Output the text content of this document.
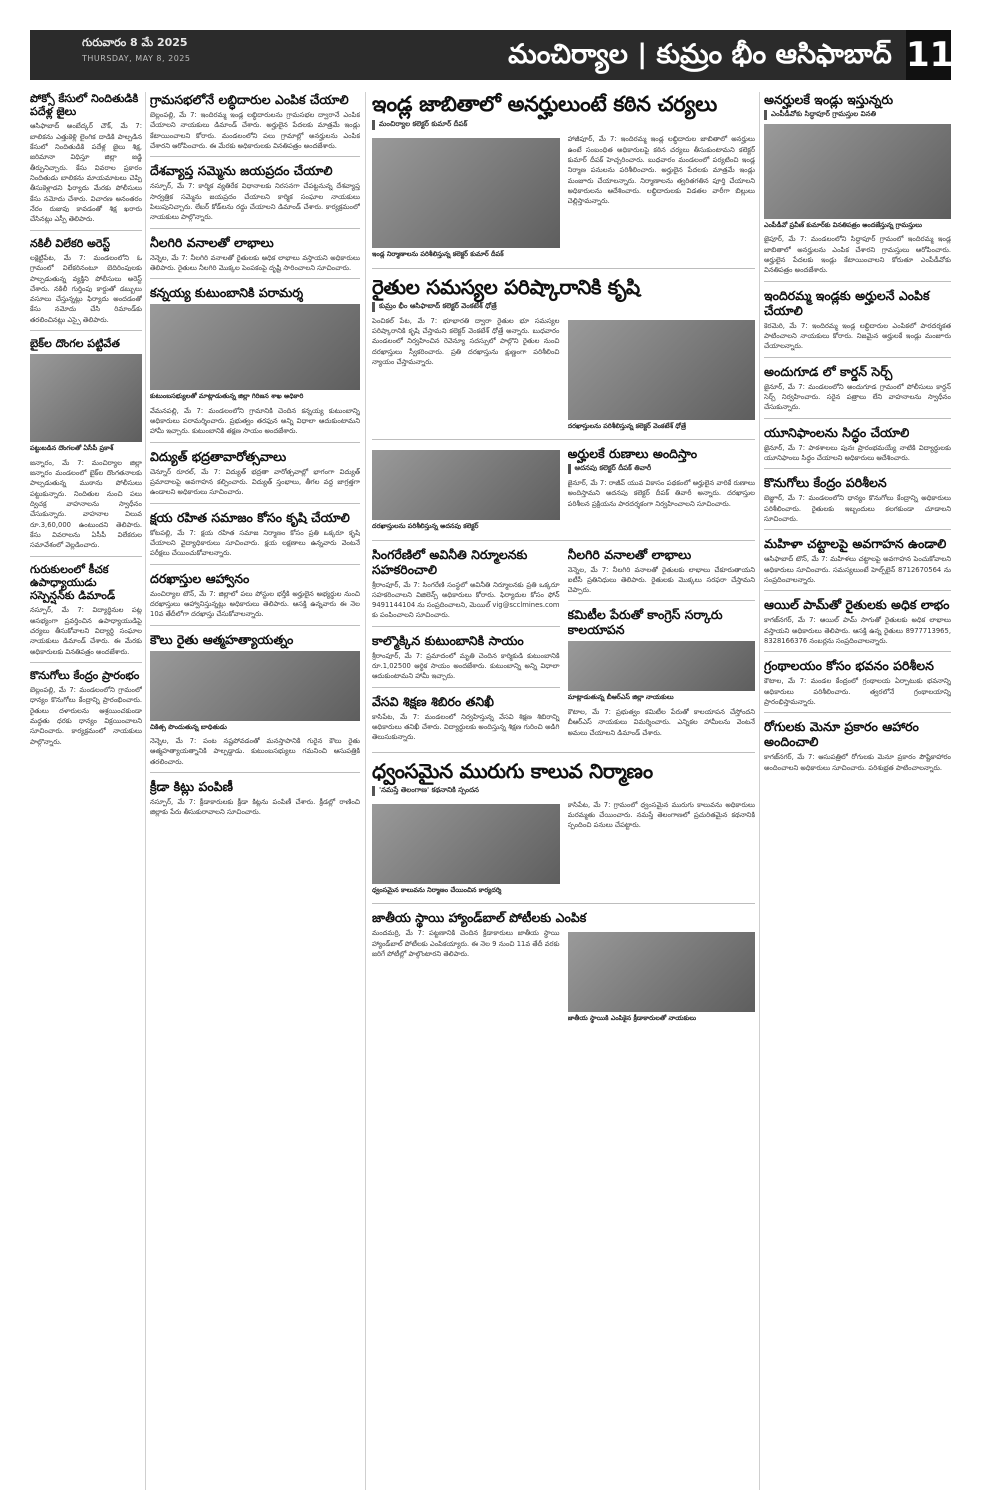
గురువారం 8 మే 2025
THURSDAY, MAY 8, 2025	మంచిర్యాల | కుమ్రం భీం ఆసిఫాబాద్ 11
పోక్సో కేసులో నిందితుడికి పదేళ్ల జైలు

ఆసిఫాబాద్ అంబేద్కర్ చౌక్, మే 7: బాలికను ఎత్తుకెళ్లి లైంగిక దాడికి పాల్పడిన కేసులో నిందితుడికి పదేళ్ల జైలు శిక్ష, జరిమానా విధిస్తూ జిల్లా జడ్జి తీర్పునిచ్చారు. కేసు వివరాల ప్రకారం నిందితుడు బాలికను మాయమాటలు చెప్పి తీసుకెళ్లాడని ఫిర్యాదు మేరకు పోలీసులు కేసు నమోదు చేశారు. విచారణ అనంతరం నేరం రుజువు కావడంతో శిక్ష ఖరారు చేసినట్లు ఎస్పీ తెలిపారు.

నకిలీ విలేకరి అరెస్ట్

లక్షెట్టిపేట, మే 7: మండలంలోని ఓ గ్రామంలో విలేకరినంటూ బెదిరింపులకు పాల్పడుతున్న వ్యక్తిని పోలీసులు అరెస్ట్ చేశారు. నకిలీ గుర్తింపు కార్డుతో డబ్బులు వసూలు చేస్తున్నట్లు ఫిర్యాదు అందడంతో కేసు నమోదు చేసి రిమాండ్‌కు తరలించినట్లు ఎస్సై తెలిపారు.

బైక్‌ల దొంగల పట్టివేత
పట్టుబడిన దొంగలతో ఏసీపీ ప్రకాశ్

జన్నారం, మే 7: మంచిర్యాల జిల్లా జన్నారం మండలంలో బైక్‌ల దొంగతనాలకు పాల్పడుతున్న ముఠాను పోలీసులు పట్టుకున్నారు. నిందితుల నుంచి పలు ద్విచక్ర వాహనాలను స్వాధీనం చేసుకున్నారు. వాహనాల విలువ రూ.3,60,000 ఉంటుందని తెలిపారు. కేసు వివరాలను ఏసీపీ విలేకరుల సమావేశంలో వెల్లడించారు.

గురుకులంలో కీచక ఉపాధ్యాయుడు సస్పెన్షన్‌కు డిమాండ్

నస్పూర్, మే 7: విద్యార్థినుల పట్ల అసభ్యంగా ప్రవర్తించిన ఉపాధ్యాయుడిపై చర్యలు తీసుకోవాలని విద్యార్థి సంఘాల నాయకులు డిమాండ్ చేశారు. ఈ మేరకు అధికారులకు వినతిపత్రం అందజేశారు.

కొనుగోలు కేంద్రం ప్రారంభం

బెల్లంపల్లి, మే 7: మండలంలోని గ్రామంలో ధాన్యం కొనుగోలు కేంద్రాన్ని ప్రారంభించారు. రైతులు దళారులను ఆశ్రయించకుండా మద్దతు ధరకు ధాన్యం విక్రయించాలని సూచించారు. కార్యక్రమంలో నాయకులు పాల్గొన్నారు.

గ్రామసభలోనే లబ్ధిదారుల ఎంపిక చేయాలి

బెల్లంపల్లి, మే 7: ఇందిరమ్మ ఇండ్ల లబ్ధిదారులను గ్రామసభల ద్వారానే ఎంపిక చేయాలని నాయకులు డిమాండ్ చేశారు. అర్హులైన పేదలకు మాత్రమే ఇండ్లు కేటాయించాలని కోరారు. మండలంలోని పలు గ్రామాల్లో అనర్హులను ఎంపిక చేశారని ఆరోపించారు. ఈ మేరకు అధికారులకు వినతిపత్రం అందజేశారు.

దేశవ్యాప్త సమ్మెను జయప్రదం చేయాలి

నస్పూర్, మే 7: కార్మిక వ్యతిరేక విధానాలకు నిరసనగా చేపట్టనున్న దేశవ్యాప్త సార్వత్రిక సమ్మెను జయప్రదం చేయాలని కార్మిక సంఘాల నాయకులు పిలుపునిచ్చారు. లేబర్ కోడ్‌లను రద్దు చేయాలని డిమాండ్ చేశారు. కార్యక్రమంలో నాయకులు పాల్గొన్నారు.

నీలగిరి వనాలతో లాభాలు

నెన్నెల, మే 7: నీలగిరి వనాలతో రైతులకు అధిక లాభాలు వస్తాయని అధికారులు తెలిపారు. రైతులు నీలగిరి మొక్కల పెంపకంపై దృష్టి సారించాలని సూచించారు.

కన్నయ్య కుటుంబానికి పరామర్శ
కుటుంబసభ్యులతో మాట్లాడుతున్న జిల్లా గిరిజన శాఖ అధికారి

వేమనపల్లి, మే 7: మండలంలోని గ్రామానికి చెందిన కన్నయ్య కుటుంబాన్ని అధికారులు పరామర్శించారు. ప్రభుత్వం తరఫున అన్ని విధాలా ఆదుకుంటామని హామీ ఇచ్చారు. కుటుంబానికి తక్షణ సాయం అందజేశారు.

విద్యుత్ భద్రతావారోత్సవాలు

చెన్నూర్ రూరల్, మే 7: విద్యుత్ భద్రతా వారోత్సవాల్లో భాగంగా విద్యుత్ ప్రమాదాలపై అవగాహన కల్పించారు. విద్యుత్ స్తంభాలు, తీగల వద్ద జాగ్రత్తగా ఉండాలని అధికారులు సూచించారు.

క్షయ రహిత సమాజం కోసం కృషి చేయాలి

కోటపల్లి, మే 7: క్షయ రహిత సమాజ నిర్మాణం కోసం ప్రతి ఒక్కరూ కృషి చేయాలని వైద్యాధికారులు సూచించారు. క్షయ లక్షణాలు ఉన్నవారు వెంటనే పరీక్షలు చేయించుకోవాలన్నారు.

దరఖాస్తుల ఆహ్వానం

మంచిర్యాల టౌన్, మే 7: జిల్లాలో పలు పోస్టుల భర్తీకి అర్హులైన అభ్యర్థుల నుంచి దరఖాస్తులు ఆహ్వానిస్తున్నట్లు అధికారులు తెలిపారు. ఆసక్తి ఉన్నవారు ఈ నెల 10వ తేదీలోగా దరఖాస్తు చేసుకోవాలన్నారు.

కౌలు రైతు ఆత్మహత్యాయత్నం
చికిత్స పొందుతున్న బాధితుడు

నెన్నెల, మే 7: పంట నష్టపోవడంతో మనస్తాపానికి గురైన కౌలు రైతు ఆత్మహత్యాయత్నానికి పాల్పడ్డాడు. కుటుంబసభ్యులు గమనించి ఆసుపత్రికి తరలించారు.

క్రీడా కిట్లు పంపిణీ

నస్పూర్, మే 7: క్రీడాకారులకు క్రీడా కిట్లను పంపిణీ చేశారు. క్రీడల్లో రాణించి జిల్లాకు పేరు తీసుకురావాలని సూచించారు.

ఇండ్ల జాబితాలో అనర్హులుంటే కఠిన చర్యలు
మంచిర్యాల కలెక్టర్ కుమార్ దీపక్
ఇండ్ల నిర్మాణాలను పరిశీలిస్తున్న కలెక్టర్ కుమార్ దీపక్

హాజీపూర్, మే 7: ఇందిరమ్మ ఇండ్ల లబ్ధిదారుల జాబితాలో అనర్హులు ఉంటే సంబంధిత అధికారులపై కఠిన చర్యలు తీసుకుంటామని కలెక్టర్ కుమార్ దీపక్ హెచ్చరించారు. బుధవారం మండలంలో పర్యటించి ఇండ్ల నిర్మాణ పనులను పరిశీలించారు. అర్హులైన పేదలకు మాత్రమే ఇండ్లు మంజూరు చేయాలన్నారు. నిర్మాణాలను త్వరితగతిన పూర్తి చేయాలని అధికారులను ఆదేశించారు. లబ్ధిదారులకు విడతల వారీగా బిల్లులు చెల్లిస్తామన్నారు.

రైతుల సమస్యల పరిష్కారానికి కృషి
కుమ్రం భీం ఆసిఫాబాద్ కలెక్టర్ వెంకటేశ్ ధోత్రే

పెంచికల్ పేట, మే 7: భూభారతి ద్వారా రైతుల భూ సమస్యల పరిష్కారానికి కృషి చేస్తామని కలెక్టర్ వెంకటేశ్ ధోత్రే అన్నారు. బుధవారం మండలంలో నిర్వహించిన రెవెన్యూ సదస్సులో పాల్గొని రైతుల నుంచి దరఖాస్తులు స్వీకరించారు. ప్రతి దరఖాస్తును క్షుణ్ణంగా పరిశీలించి న్యాయం చేస్తామన్నారు.

దరఖాస్తులను పరిశీలిస్తున్న కలెక్టర్ వెంకటేశ్ ధోత్రే
దరఖాస్తులను పరిశీలిస్తున్న అదనపు కలెక్టర్
అర్హులకే రుణాలు అందిస్తాం
ఆదనపు కలెక్టర్ దీపక్ తివారీ

జైనూర్, మే 7: రాజీవ్ యువ వికాసం పథకంలో అర్హులైన వారికే రుణాలు అందిస్తామని అదనపు కలెక్టర్ దీపక్ తివారీ అన్నారు. దరఖాస్తుల పరిశీలన ప్రక్రియను పారదర్శకంగా నిర్వహించాలని సూచించారు.

సింగరేణిలో అవినీతి నిర్మూలనకు సహకరించాలి

శ్రీరాంపూర్, మే 7: సింగరేణి సంస్థలో అవినీతి నిర్మూలనకు ప్రతి ఒక్కరూ సహకరించాలని విజిలెన్స్ అధికారులు కోరారు. ఫిర్యాదుల కోసం ఫోన్ 9491144104 ను సంప్రదించాలని, మెయిల్ vig@scclmines.com కు పంపించాలని సూచించారు.

కాల్మొక్కిన కుటుంబానికి సాయం

శ్రీరాంపూర్, మే 7: ప్రమాదంలో మృతి చెందిన కార్మికుడి కుటుంబానికి రూ.1,02500 ఆర్థిక సాయం అందజేశారు. కుటుంబాన్ని అన్ని విధాలా ఆదుకుంటామని హామీ ఇచ్చారు.

వేసవి శిక్షణ శిబిరం తనిఖీ

కాసిపేట, మే 7: మండలంలో నిర్వహిస్తున్న వేసవి శిక్షణ శిబిరాన్ని అధికారులు తనిఖీ చేశారు. విద్యార్థులకు అందిస్తున్న శిక్షణ గురించి అడిగి తెలుసుకున్నారు.

నీలగిరి వనాలతో లాభాలు

నెన్నెల, మే 7: నీలగిరి వనాలతో రైతులకు లాభాలు చేకూరుతాయని ఐటీసీ ప్రతినిధులు తెలిపారు. రైతులకు మొక్కలు సరఫరా చేస్తామని చెప్పారు.

కమిటీల పేరుతో కాంగ్రెస్ సర్కారు కాలయాపన
మాట్లాడుతున్న బీఆర్ఎస్ జిల్లా నాయకులు

కౌటాల, మే 7: ప్రభుత్వం కమిటీల పేరుతో కాలయాపన చేస్తోందని బీఆర్ఎస్ నాయకులు విమర్శించారు. ఎన్నికల హామీలను వెంటనే అమలు చేయాలని డిమాండ్ చేశారు.

ధ్వంసమైన మురుగు కాలువ నిర్మాణం
'నమస్తే తెలంగాణ' కథనానికి స్పందన
ధ్వంసమైన కాలువను నిర్మాణం చేయించిన కార్యదర్శి

కాసిపేట, మే 7: గ్రామంలో ధ్వంసమైన మురుగు కాలువను అధికారులు మరమ్మతు చేయించారు. నమస్తే తెలంగాణలో ప్రచురితమైన కథనానికి స్పందించి పనులు చేపట్టారు.

జాతీయ స్థాయి హ్యాండ్‌బాల్ పోటీలకు ఎంపిక

మందమర్రి, మే 7: పట్టణానికి చెందిన క్రీడాకారులు జాతీయ స్థాయి హ్యాండ్‌బాల్ పోటీలకు ఎంపికయ్యారు. ఈ నెల 9 నుంచి 11వ తేదీ వరకు జరిగే పోటీల్లో పాల్గొంటారని తెలిపారు.

జాతీయ స్థాయికి ఎంపికైన క్రీడాకారులతో నాయకులు
అనర్హులకే ఇండ్లు ఇస్తున్నరు
ఎంపీడీవోకు సిద్ధాపూర్ గ్రామస్తుల వినతి
ఎంపీడీవో ప్రవీణ్ కుమార్‌కు వినతిపత్రం అందజేస్తున్న గ్రామస్తులు

జైపూర్, మే 7: మండలంలోని సిద్ధాపూర్ గ్రామంలో ఇందిరమ్మ ఇండ్ల జాబితాలో అనర్హులను ఎంపిక చేశారని గ్రామస్తులు ఆరోపించారు. అర్హులైన పేదలకు ఇండ్లు కేటాయించాలని కోరుతూ ఎంపీడీవోకు వినతిపత్రం అందజేశారు.

ఇందిరమ్మ ఇండ్లకు అర్హులనే ఎంపిక చేయాలి

కెరమెరి, మే 7: ఇందిరమ్మ ఇండ్ల లబ్ధిదారుల ఎంపికలో పారదర్శకత పాటించాలని నాయకులు కోరారు. నిజమైన అర్హులకే ఇండ్లు మంజూరు చేయాలన్నారు.

అందుగూడ లో కార్డన్ సెర్చ్

జైనూర్, మే 7: మండలంలోని అందుగూడ గ్రామంలో పోలీసులు కార్డన్ సెర్చ్ నిర్వహించారు. సరైన పత్రాలు లేని వాహనాలను స్వాధీనం చేసుకున్నారు.

యూనిఫాంలను సిద్ధం చేయాలి

జైనూర్, మే 7: పాఠశాలలు పునః ప్రారంభమయ్యే నాటికి విద్యార్థులకు యూనిఫాంలు సిద్ధం చేయాలని అధికారులు ఆదేశించారు.

కొనుగోలు కేంద్రం పరిశీలన

బెజ్జూర్, మే 7: మండలంలోని ధాన్యం కొనుగోలు కేంద్రాన్ని అధికారులు పరిశీలించారు. రైతులకు ఇబ్బందులు కలగకుండా చూడాలని సూచించారు.

మహిళా చట్టాలపై అవగాహన ఉండాలి

ఆసిఫాబాద్ టౌన్, మే 7: మహిళలు చట్టాలపై అవగాహన పెంచుకోవాలని అధికారులు సూచించారు. సమస్యలుంటే హెల్ప్‌లైన్ 8712670564 ను సంప్రదించాలన్నారు.

ఆయిల్ పామ్‌తో రైతులకు అధిక లాభం

కాగజ్‌నగర్, మే 7: ఆయిల్ పామ్ సాగుతో రైతులకు అధిక లాభాలు వస్తాయని అధికారులు తెలిపారు. ఆసక్తి ఉన్న రైతులు 8977713965, 8328166376 నంబర్లను సంప్రదించాలన్నారు.

గ్రంథాలయం కోసం భవనం పరిశీలన

కౌటాల, మే 7: మండల కేంద్రంలో గ్రంథాలయ ఏర్పాటుకు భవనాన్ని అధికారులు పరిశీలించారు. త్వరలోనే గ్రంథాలయాన్ని ప్రారంభిస్తామన్నారు.

రోగులకు మెనూ ప్రకారం ఆహారం అందించాలి

కాగజ్‌నగర్, మే 7: ఆసుపత్రిలో రోగులకు మెనూ ప్రకారం పౌష్టికాహారం అందించాలని అధికారులు సూచించారు. పరిశుభ్రత పాటించాలన్నారు.
